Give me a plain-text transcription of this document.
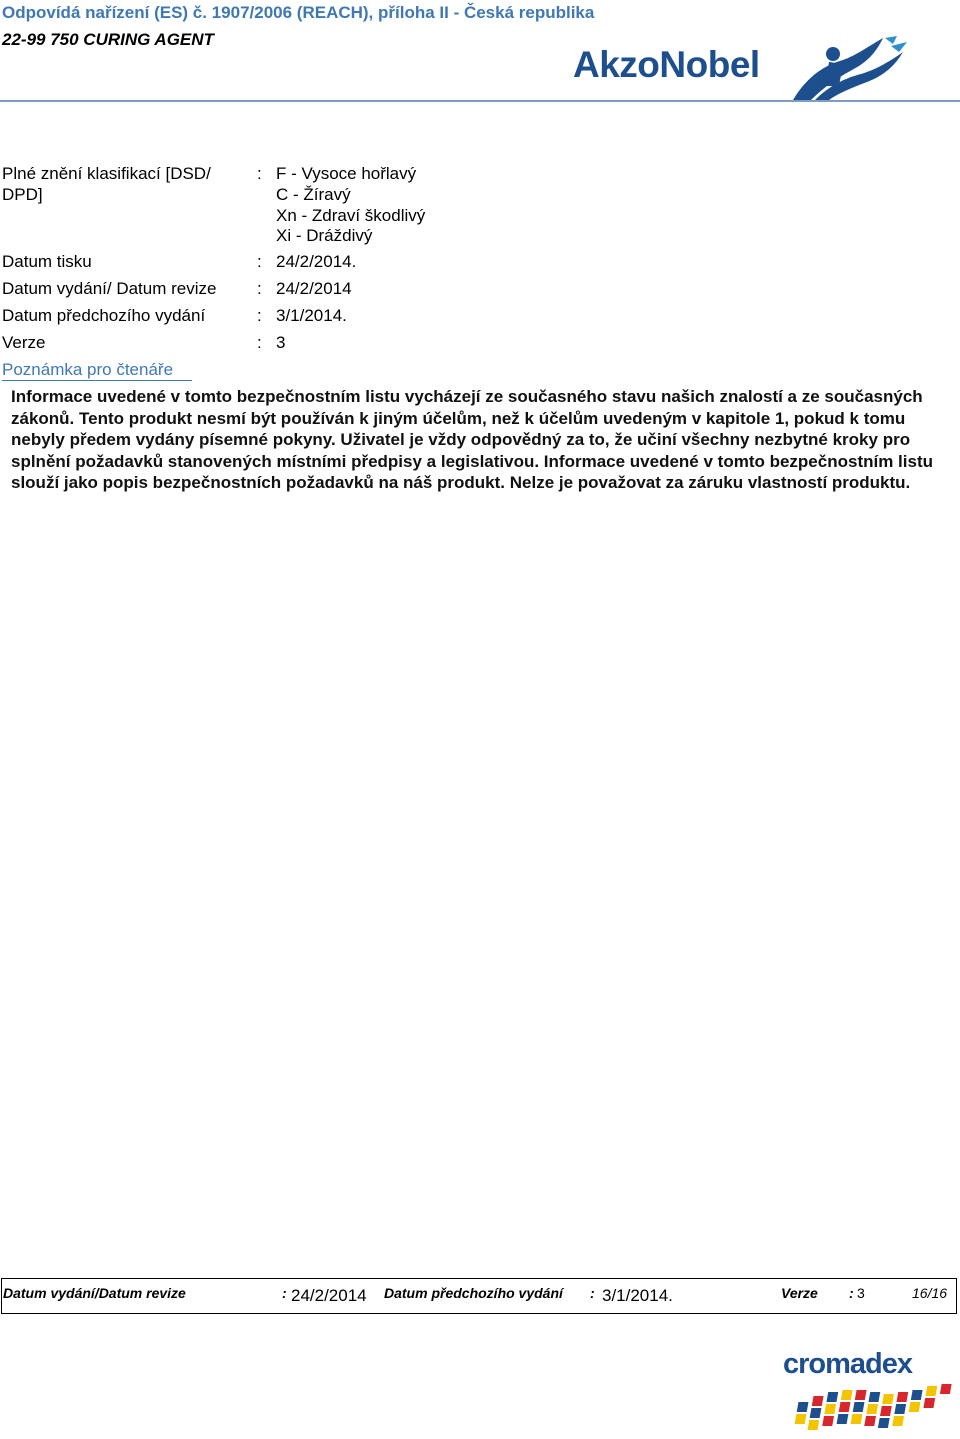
Odpovídá nařízení (ES) č. 1907/2006 (REACH), příloha II - Česká republika
22-99 750 CURING AGENT
AkzoNobel
Plné znění klasifikací [DSD/
DPD]
: F - Vysoce hořlavý
C - Žíravý
Xn - Zdraví škodlivý
Xi - Dráždivý
Datum tisku	: 24/2/2014.
Datum vydání/ Datum revize : 24/2/2014
Datum předchozího vydání	: 3/1/2014.
Verze	: 3
Poznámka pro čtenáře
Informace uvedené v tomto bezpečnostním listu vycházejí ze současného stavu našich znalostí a ze současných zákonů. Tento produkt nesmí být používán k jiným účelům, než k účelům uvedeným v kapitole 1, pokud k tomu nebyly předem vydány písemné pokyny. Uživatel je vždy odpovědný za to, že učiní všechny nezbytné kroky pro splnění požadavků stanovených místními předpisy a legislativou. Informace uvedené v tomto bezpečnostním listu slouží jako popis bezpečnostních požadavků na náš produkt. Nelze je považovat za záruku vlastností produktu.
Datum vydání/Datum revize	: 24/2/2014 Datum předchozího vydání : 3/1/2014.	Verze : 3	16/16
cromadex
